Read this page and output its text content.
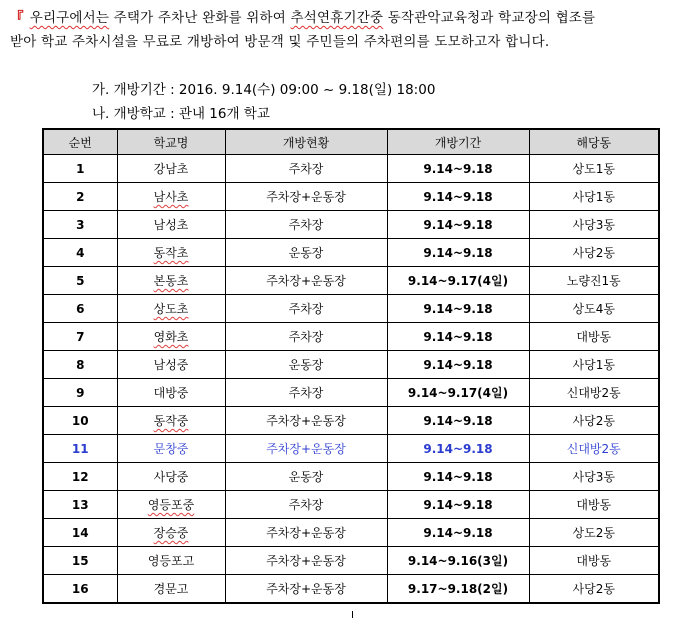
『 우리구에서는 주택가 주차난 완화를 위하여 추석연휴기간중 동작관악교육청과 학교장의 협조를
받아 학교 주차시설을 무료로 개방하여 방문객 및 주민들의 주차편의를 도모하고자 합니다.
가. 개방기간 : 2016. 9.14(수) 09:00 ~ 9.18(일) 18:00
나. 개방학교 : 관내 16개 학교
순번	학교명	개방현황	개방기간	해당동
1	강남초	주차장	9.14~9.18	상도1동
2	남사초	주차장+운동장	9.14~9.18	사당1동
3	남성초	주차장	9.14~9.18	사당3동
4	동작초	운동장	9.14~9.18	사당2동
5	본동초	주차장+운동장	9.14~9.17(4일)	노량진1동
6	상도초	주차장	9.14~9.18	상도4동
7	영화초	주차장	9.14~9.18	대방동
8	남성중	운동장	9.14~9.18	사당1동
9	대방중	주차장	9.14~9.17(4일)	신대방2동
10	동작중	주차장+운동장	9.14~9.18	사당2동
11	문창중	주차장+운동장	9.14~9.18	신대방2동
12	사당중	운동장	9.14~9.18	사당3동
13	영등포중	주차장	9.14~9.18	대방동
14	장승중	주차장+운동장	9.14~9.18	상도2동
15	영등포고	주차장+운동장	9.14~9.16(3일)	대방동
16	경문고	주차장+운동장	9.17~9.18(2일)	사당2동
